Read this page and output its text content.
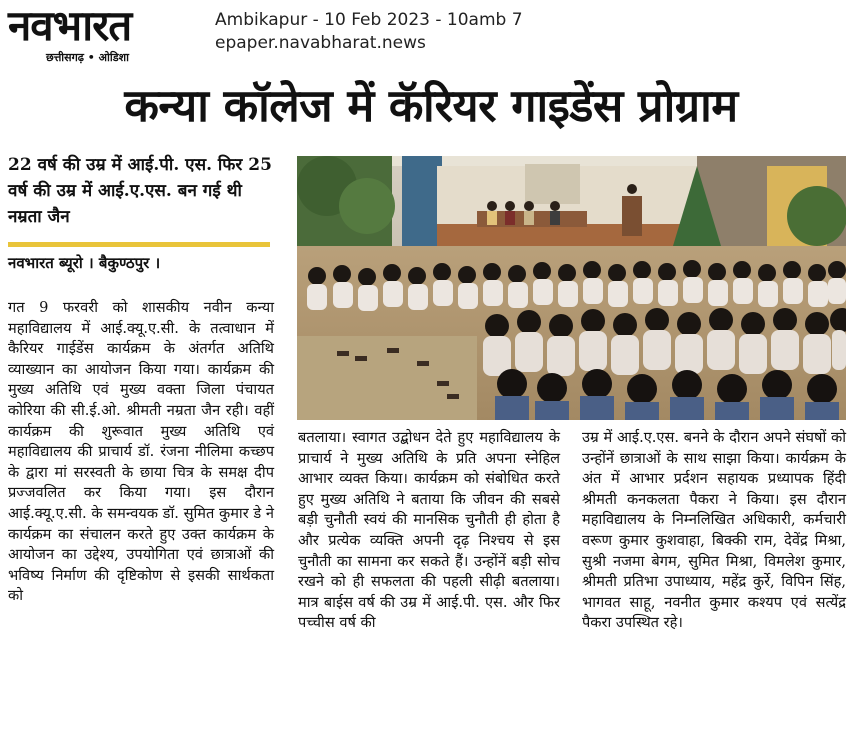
नवभारत
छत्तीसगढ़ • ओडिशा
Ambikapur - 10 Feb 2023 - 10amb 7
epaper.navabharat.news
कन्या कॉलेज में कॅरियर गाइडेंस प्रोग्राम
22 वर्ष की उम्र में आई.पी. एस. फिर 25 वर्ष की उम्र में आई.ए.एस. बन गई थी नम्रता जैन
नवभारत ब्यूरो । बैकुण्ठपुर ।
गत 9 फरवरी को शासकीय नवीन कन्या महाविद्यालय में आई.क्यू.ए.सी. के तत्वाधान में कैरियर गाईडेंस कार्यक्रम के अंतर्गत अतिथि व्याख्यान का आयोजन किया गया। कार्यक्रम की मुख्य अतिथि एवं मुख्य वक्ता जिला पंचायत कोरिया की सी.ई.ओ. श्रीमती नम्रता जैन रही। वहीं कार्यक्रम की शुरूवात मुख्य अतिथि एवं महाविद्यालय की प्राचार्य डॉ. रंजना नीलिमा कच्छप के द्वारा मां सरस्वती के छाया चित्र के समक्ष दीप प्रज्जवलित कर किया गया। इस दौरान आई.क्यू.ए.सी. के समन्वयक डॉ. सुमित कुमार डे ने कार्यक्रम का संचालन करते हुए उक्त कार्यक्रम के आयोजन का उद्देश्य, उपयोगिता एवं छात्राओं की भविष्य निर्माण की दृष्टिकोण से इसकी सार्थकता को
बतलाया। स्वागत उद्बोधन देते हुए महाविद्यालय के प्राचार्य ने मुख्य अतिथि के प्रति अपना स्नेहिल आभार व्यक्त किया। कार्यक्रम को संबोधित करते हुए मुख्य अतिथि ने बताया कि जीवन की सबसे बड़ी चुनौती स्वयं की मानसिक चुनौती ही होता है और प्रत्येक व्यक्ति अपनी दृढ़ निश्चय से इस चुनौती का सामना कर सकते हैं। उन्होंनें बड़ी सोच रखने को ही सफलता की पहली सीढ़ी बतलाया। मात्र बाईस वर्ष की उम्र में आई.पी. एस. और फिर पच्चीस वर्ष की
उम्र में आई.ए.एस. बनने के दौरान अपने संघषाें को उन्होंनें छात्राओं के साथ साझा किया। कार्यक्रम के अंत में आभार प्रर्दशन सहायक प्रध्यापक हिंदी श्रीमती कनकलता पैकरा ने किया। इस दौरान महाविद्यालय के निम्नलिखित अधिकारी, कर्मचारी वरूण कुमार कुशवाहा, बिक्की राम, देवेंद्र मिश्रा, सुश्री नजमा बेगम, सुमित मिश्रा, विमलेश कुमार, श्रीमती प्रतिभा उपाध्याय, महेंद्र कुर्रे, विपिन सिंह, भागवत साहू, नवनीत कुमार कश्यप एवं सत्येंद्र पैकरा उपस्थित रहे।
